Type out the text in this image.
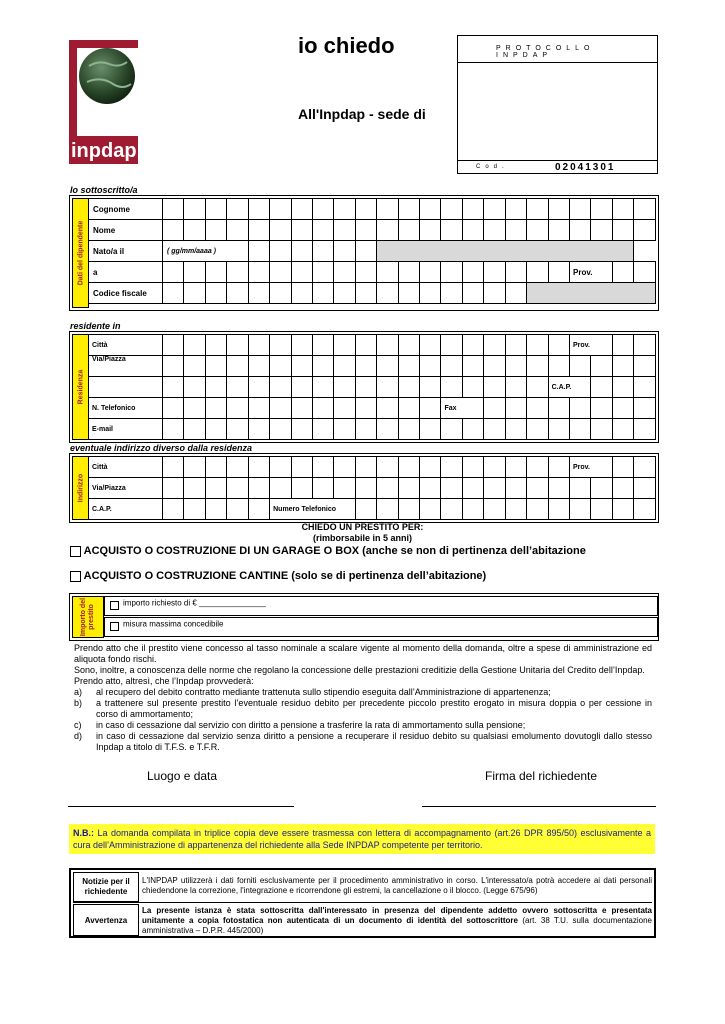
inpdap
io chiedo
All'Inpdap - sede di
PROTOCOLLO INPDAP
Cod.	02041301
Io sottoscritto/a
Dati del dipendente
Cognome																							
Nome																							
Nato/a il	( gg/mm/aaaa )																						
a																				Prov.			
Codice fiscale																							
residente in
Residenza
Città																				Prov.			
Via/Piazza																							
																			C.A.P.				
N. Telefonico														Fax									
E-mail																							
eventuale indirizzo diverso dalla residenza
Indirizzo
Città																				Prov.			
Via/Piazza																							
C.A.P.						Numero Telefonico																	
CHIEDO UN PRESTITO PER:
(rimborsabile in 5 anni)
ACQUISTO O COSTRUZIONE DI UN GARAGE O BOX (anche se non di pertinenza dell’abitazione
ACQUISTO O COSTRUZIONE CANTINE (solo se di pertinenza dell’abitazione)
Importo del prestito
importo richiesto di € _______________
misura massima concedibile
Prendo atto che il prestito viene concesso al tasso nominale a scalare vigente al momento della domanda, oltre a spese di amministrazione ed aliquota fondo rischi.
Sono, inoltre, a conoscenza delle norme che regolano la concessione delle prestazioni creditizie della Gestione Unitaria del Credito dell’Inpdap.
Prendo atto, altresì, che l’Inpdap provvederà:
a)	al recupero del debito contratto mediante trattenuta sullo stipendio eseguita dall’Amministrazione di appartenenza;
b)	a trattenere sul presente prestito l’eventuale residuo debito per precedente piccolo prestito erogato in misura doppia o per cessione in corso di ammortamento;
c)	in caso di cessazione dal servizio con diritto a pensione a trasferire la rata di ammortamento sulla pensione;
d)	in caso di cessazione dal servizio senza diritto a pensione a recuperare il residuo debito su qualsiasi emolumento dovutogli dallo stesso Inpdap a titolo di T.F.S. e T.F.R.
Luogo e data	Firma del richiedente
N.B.: La domanda compilata in triplice copia deve essere trasmessa con lettera di accompagnamento (art.26 DPR 895/50) esclusivamente a cura dell’Amministrazione di appartenenza del richiedente alla Sede INPDAP competente per territorio.
Notizie per il richiedente
L'INPDAP utilizzerà i dati forniti esclusivamente per il procedimento amministrativo in corso. L'interessato/a potrà accedere ai dati personali chiedendone la correzione, l'integrazione e ricorrendone gli estremi, la cancellazione o il blocco. (Legge 675/96)
Avvertenza
La presente istanza è stata sottoscritta dall'interessato in presenza del dipendente addetto ovvero sottoscritta e presentata unitamente a copia fotostatica non autenticata di un documento di identità del sottoscrittore (art. 38 T.U. sulla documentazione amministrativa – D.P.R. 445/2000)
